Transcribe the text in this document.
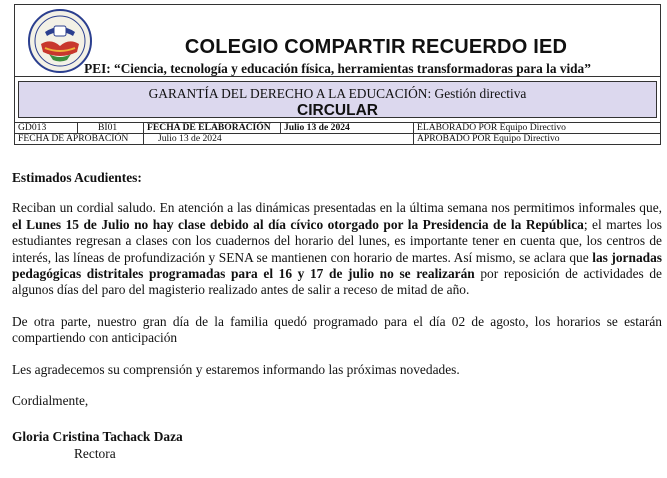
COLEGIO COMPARTIR RECUERDO IED
PEI: “Ciencia, tecnología y educación física, herramientas transformadoras para la vida”
GARANTÍA DEL DERECHO A LA EDUCACIÓN: Gestión directiva
CIRCULAR
GD013	BI01	FECHA DE ELABORACIÓN	Julio 13 de 2024	ELABORADO POR Equipo Directivo
FECHA DE APROBACIÓN		Julio 13 de 2024		APROBADO POR Equipo Directivo
Estimados Acudientes:

Reciban un cordial saludo. En atención a las dinámicas presentadas en la última semana nos permitimos informales que, el Lunes 15 de Julio no hay clase debido al día cívico otorgado por la Presidencia de la República; el martes los estudiantes regresan a clases con los cuadernos del horario del lunes, es importante tener en cuenta que, los centros de interés, las líneas de profundización y SENA se mantienen con horario de martes. Así mismo, se aclara que las jornadas pedagógicas distritales programadas para el 16 y 17 de julio no se realizarán por reposición de actividades de algunos días del paro del magisterio realizado antes de salir a receso de mitad de año.

De otra parte, nuestro gran día de la familia quedó programado para el día 02 de agosto, los horarios se estarán compartiendo con anticipación

Les agradecemos su comprensión y estaremos informando las próximas novedades.

Cordialmente,

Gloria Cristina Tachack Daza
Rectora
